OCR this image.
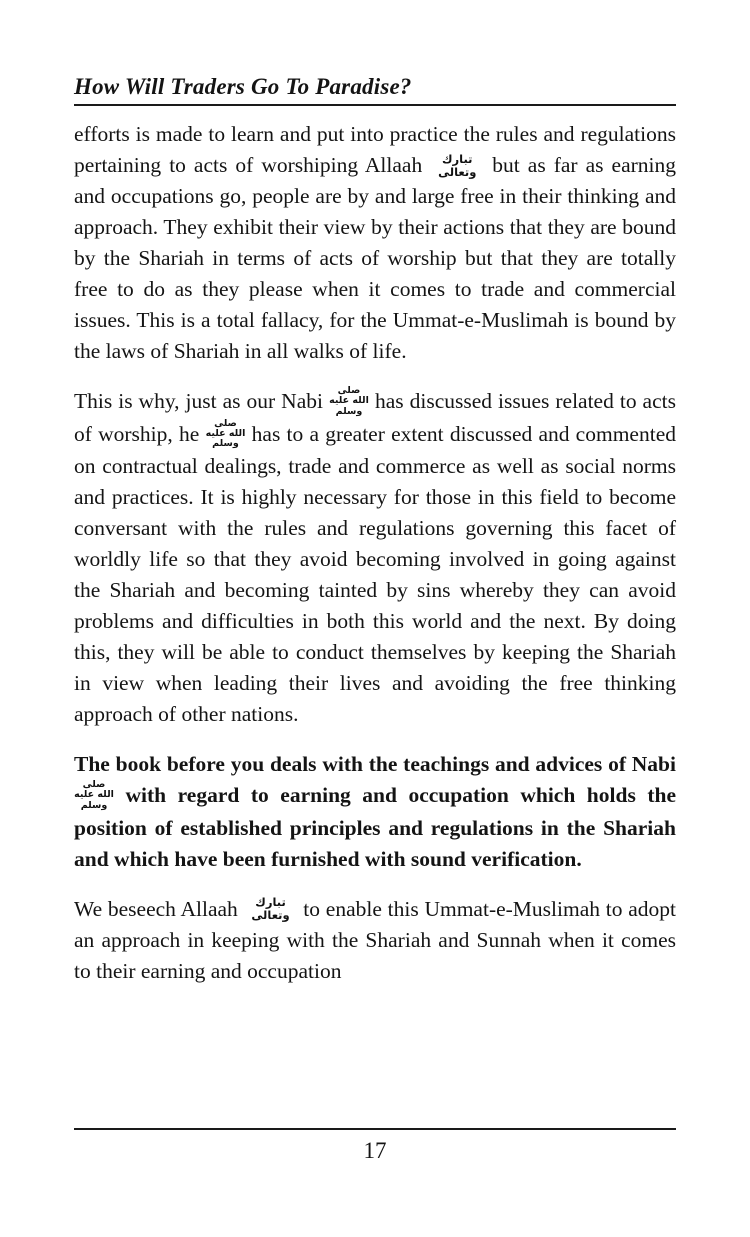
How Will Traders Go To Paradise?

efforts is made to learn and put into practice the rules and regulations pertaining to acts of worshiping Allaah تبارك وتعالى but as far as earning and occupations go, people are by and large free in their thinking and approach. They exhibit their view by their actions that they are bound by the Shariah in terms of acts of worship but that they are totally free to do as they please when it comes to trade and commercial issues. This is a total fallacy, for the Ummat-e-Muslimah is bound by the laws of Shariah in all walks of life.

This is why, just as our Nabi صلى الله عليه وسلم has discussed issues related to acts of worship, he صلى الله عليه وسلم has to a greater extent discussed and commented on contractual dealings, trade and commerce as well as social norms and practices. It is highly necessary for those in this field to become conversant with the rules and regulations governing this facet of worldly life so that they avoid becoming involved in going against the Shariah and becoming tainted by sins whereby they can avoid problems and difficulties in both this world and the next. By doing this, they will be able to conduct themselves by keeping the Shariah in view when leading their lives and avoiding the free thinking approach of other nations.

The book before you deals with the teachings and advices of Nabi صلى الله عليه وسلم with regard to earning and occupation which holds the position of established principles and regulations in the Shariah and which have been furnished with sound verification.

We beseech Allaah تبارك وتعالى to enable this Ummat-e-Muslimah to adopt an approach in keeping with the Shariah and Sunnah when it comes to their earning and occupation

17
